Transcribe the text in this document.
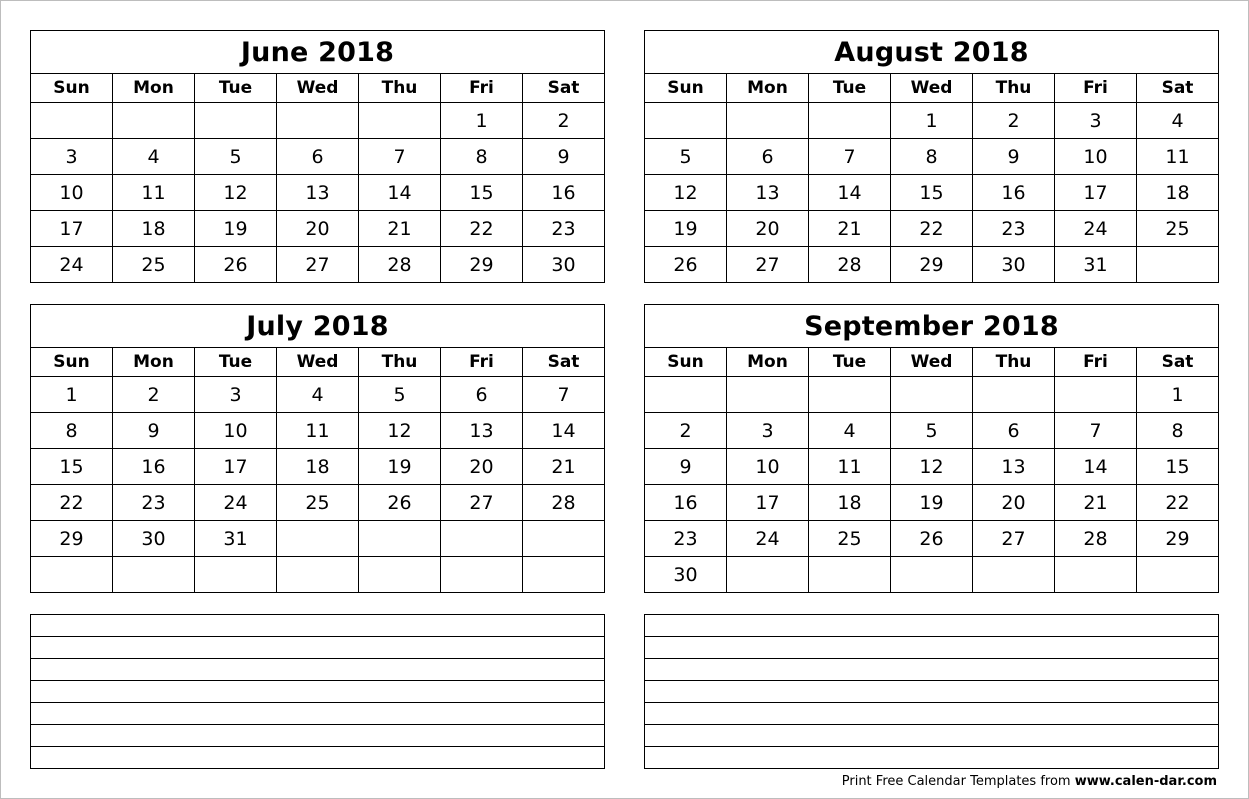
June 2018						
Sun	Mon	Tue	Wed	Thu	Fri	Sat
					1	2
3	4	5	6	7	8	9
10	11	12	13	14	15	16
17	18	19	20	21	22	23
24	25	26	27	28	29	30
August 2018						
Sun	Mon	Tue	Wed	Thu	Fri	Sat
			1	2	3	4
5	6	7	8	9	10	11
12	13	14	15	16	17	18
19	20	21	22	23	24	25
26	27	28	29	30	31	
July 2018						
Sun	Mon	Tue	Wed	Thu	Fri	Sat
1	2	3	4	5	6	7
8	9	10	11	12	13	14
15	16	17	18	19	20	21
22	23	24	25	26	27	28
29	30	31				

September 2018						
Sun	Mon	Tue	Wed	Thu	Fri	Sat
						1
2	3	4	5	6	7	8
9	10	11	12	13	14	15
16	17	18	19	20	21	22
23	24	25	26	27	28	29
30						

Print Free Calendar Templates from www.calen-dar.com
